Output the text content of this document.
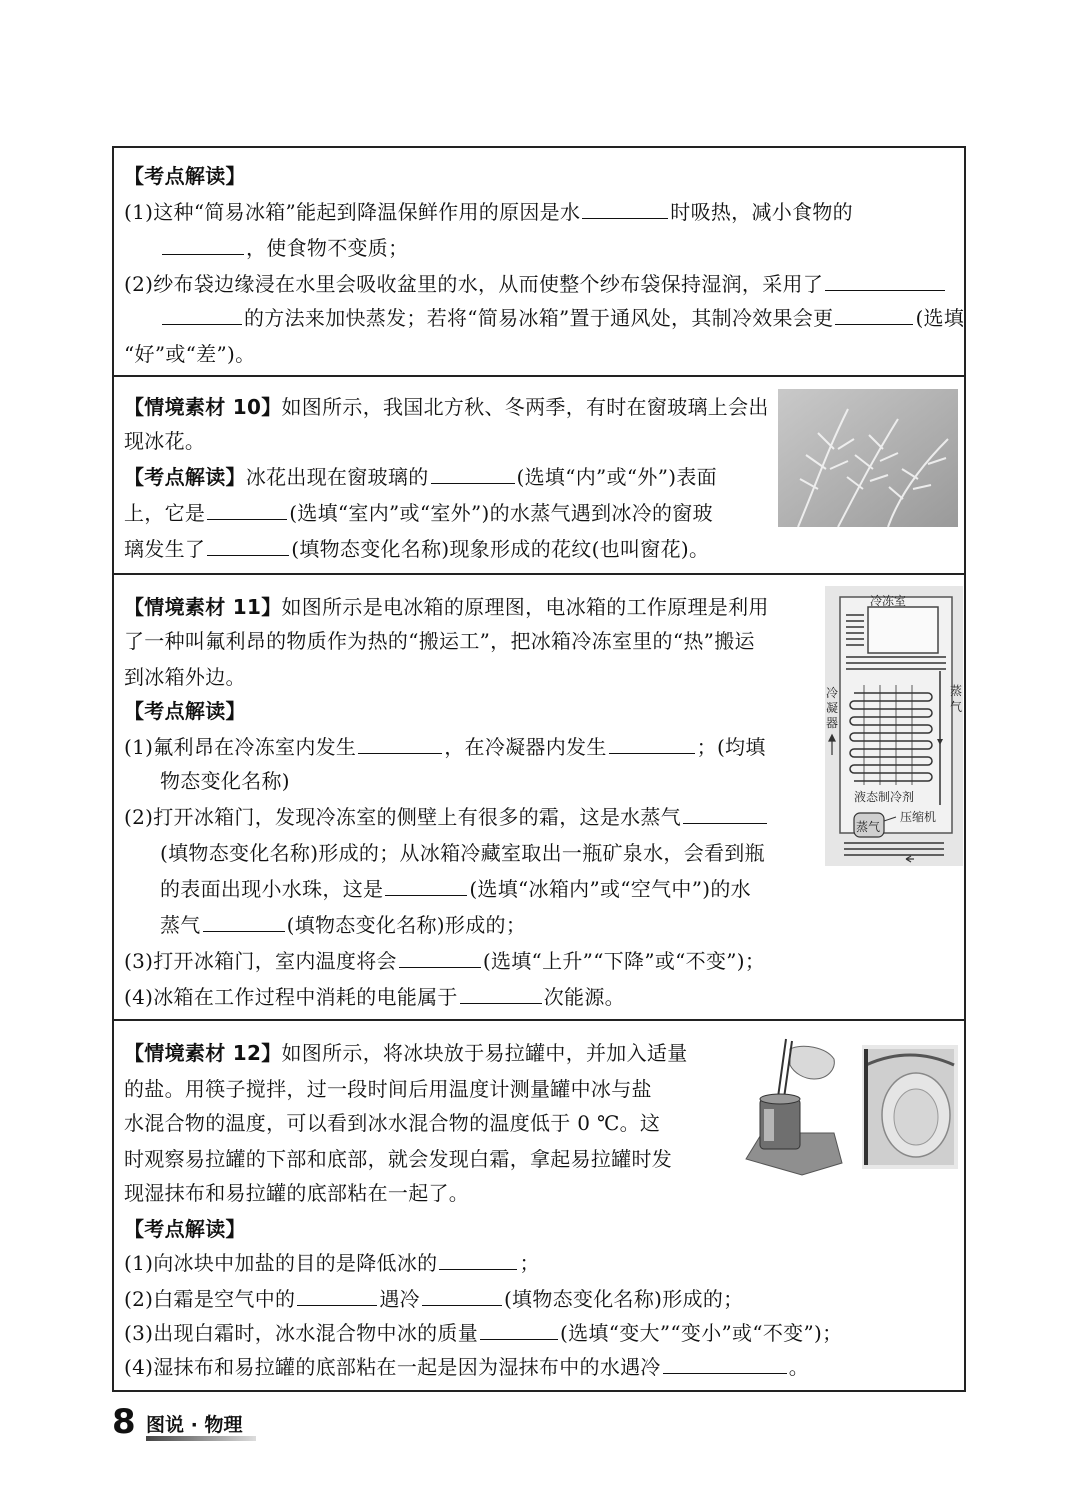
【考点解读】
(1)这种“简易冰箱”能起到降温保鲜作用的原因是水	时吸热，减小食物的
，使食物不变质；
(2)纱布袋边缘浸在水里会吸收盆里的水，从而使整个纱布袋保持湿润，采用了
的方法来加快蒸发；若将“简易冰箱”置于通风处，其制冷效果会更	(选填
“好”或“差”)。
【情境素材 10】如图所示，我国北方秋、冬两季，有时在窗玻璃上会出
现冰花。
【考点解读】冰花出现在窗玻璃的	(选填“内”或“外”)表面
上，它是	(选填“室内”或“室外”)的水蒸气遇到冰冷的窗玻
璃发生了	(填物态变化名称)现象形成的花纹(也叫窗花)。
【情境素材 11】如图所示是电冰箱的原理图，电冰箱的工作原理是利用
了一种叫氟利昂的物质作为热的“搬运工”，把冰箱冷冻室里的“热”搬运
到冰箱外边。
【考点解读】
(1)氟利昂在冷冻室内发生	，在冷凝器内发生	；(均填
物态变化名称)
(2)打开冰箱门，发现冷冻室的侧壁上有很多的霜，这是水蒸气
(填物态变化名称)形成的；从冰箱冷藏室取出一瓶矿泉水，会看到瓶
的表面出现小水珠，这是	(选填“冰箱内”或“空气中”)的水
蒸气	(填物态变化名称)形成的；
(3)打开冰箱门，室内温度将会	(选填“上升”“下降”或“不变”)；
(4)冰箱在工作过程中消耗的电能属于	次能源。
冷冻室
冷
凝
器
蒸
气
液态制冷剂
蒸气
压缩机
【情境素材 12】如图所示，将冰块放于易拉罐中，并加入适量
的盐。用筷子搅拌，过一段时间后用温度计测量罐中冰与盐
水混合物的温度，可以看到冰水混合物的温度低于 0 ℃。这
时观察易拉罐的下部和底部，就会发现白霜，拿起易拉罐时发
现湿抹布和易拉罐的底部粘在一起了。
【考点解读】
(1)向冰块中加盐的目的是降低冰的	；
(2)白霜是空气中的	遇冷	(填物态变化名称)形成的；
(3)出现白霜时，冰水混合物中冰的质量	(选填“变大”“变小”或“不变”)；
(4)湿抹布和易拉罐的底部粘在一起是因为湿抹布中的水遇冷	。
8 图说 · 物理
